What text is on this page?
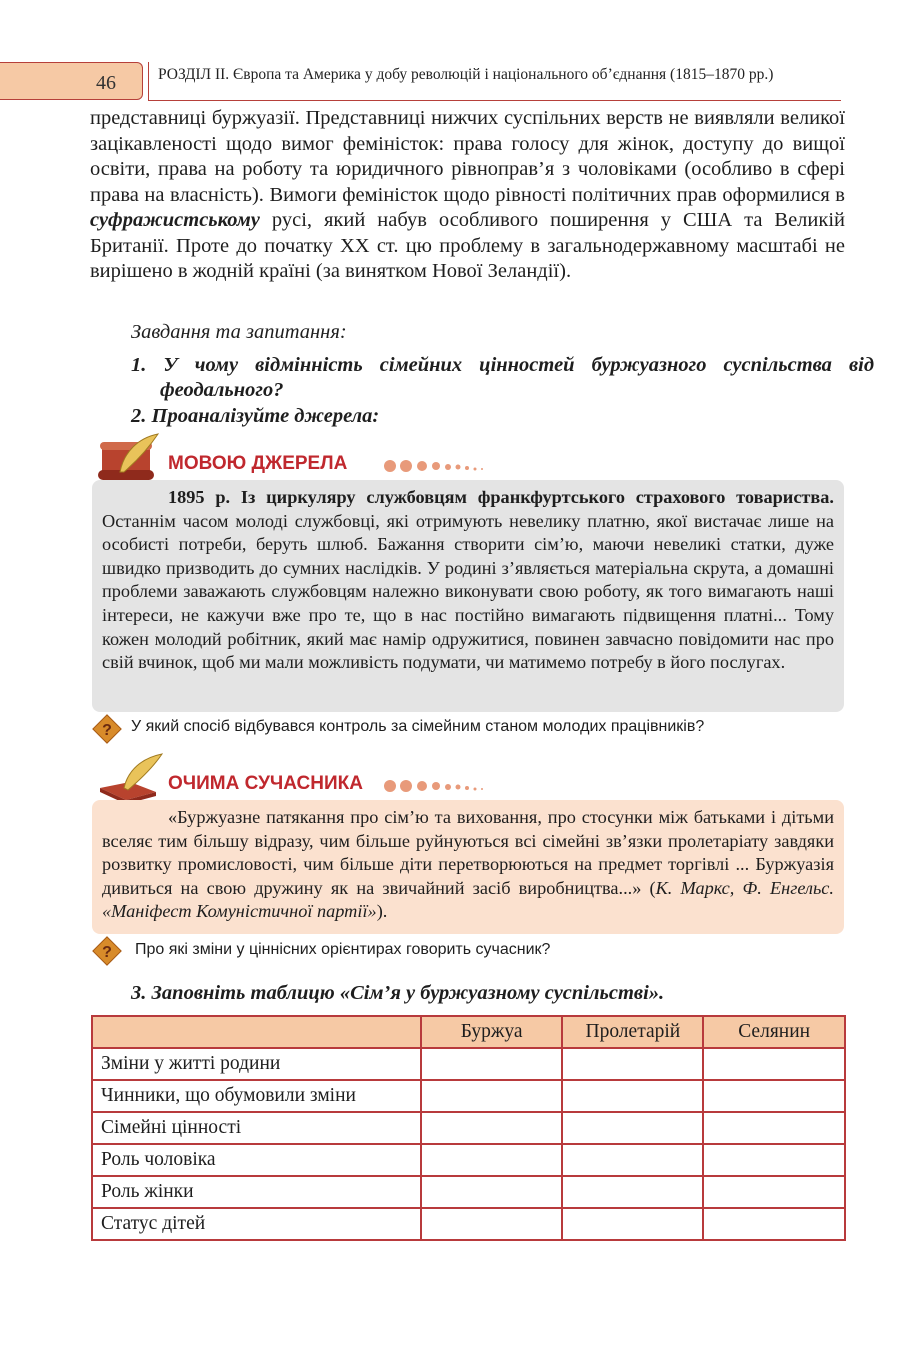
46	РОЗДІЛ ІІ. Європа та Америка у добу революцій і національного об’єднання (1815–1870 рр.)

представниці буржуазії. Представниці нижчих суспільних верств не виявляли великої зацікавленості щодо вимог феміністок: права голосу для жінок, доступу до вищої освіти, права на роботу та юридичного рівноправ’я з чоловіками (особливо в сфері права на власність). Вимоги феміністок щодо рівності політичних прав оформилися в суфражистському русі, який набув особливого поширення у США та Великій Британії. Проте до початку ХХ ст. цю проблему в загальнодержавному масштабі не вирішено в жодній країні (за винятком Нової Зеландії).

Завдання та запитання:

1. У чому відмінність сімейних цінностей буржуазного суспільства від феодального?

2. Проаналізуйте джерела:
МОВОЮ ДЖЕРЕЛА

1895 р. Із циркуляру службовцям франкфуртського страхового товариства. Останнім часом молоді службовці, які отримують невелику платню, якої вистачає лише на особисті потреби, беруть шлюб. Бажання створити сім’ю, маючи невеликі статки, дуже швидко призводить до сумних наслідків. У родині з’являється матеріальна скрута, а домашні проблеми заважають службовцям належно виконувати свою роботу, як того вимагають наші інтереси, не кажучи вже про те, що в нас постійно вимагають підвищення платні... Тому кожен молодий робітник, який має намір одружитися, повинен завчасно повідомити нас про свій вчинок, щоб ми мали можливість подумати, чи матимемо потребу в його послугах.

? У який спосіб відбувався контроль за сімейним станом молодих працівників?
ОЧИМА СУЧАСНИКА

«Буржуазне патякання про сім’ю та виховання, про стосунки між батьками і дітьми вселяє тим більшу відразу, чим більше руйнуються всі сімейні зв’язки пролетаріату завдяки розвитку промисловості, чим більше діти перетворюються на предмет торгівлі ... Буржуазія дивиться на свою дружину як на звичайний засіб виробництва...» (К. Маркс, Ф. Енгельс. «Маніфест Комуністичної партії»).

? Про які зміни у ціннісних орієнтирах говорить сучасник?
3. Заповніть таблицю «Сім’я у буржуазному суспільстві».
	Буржуа	Пролетарій	Селянин
Зміни у житті родини			
Чинники, що обумовили зміни			
Сімейні цінності			
Роль чоловіка			
Роль жінки			
Статус дітей			
